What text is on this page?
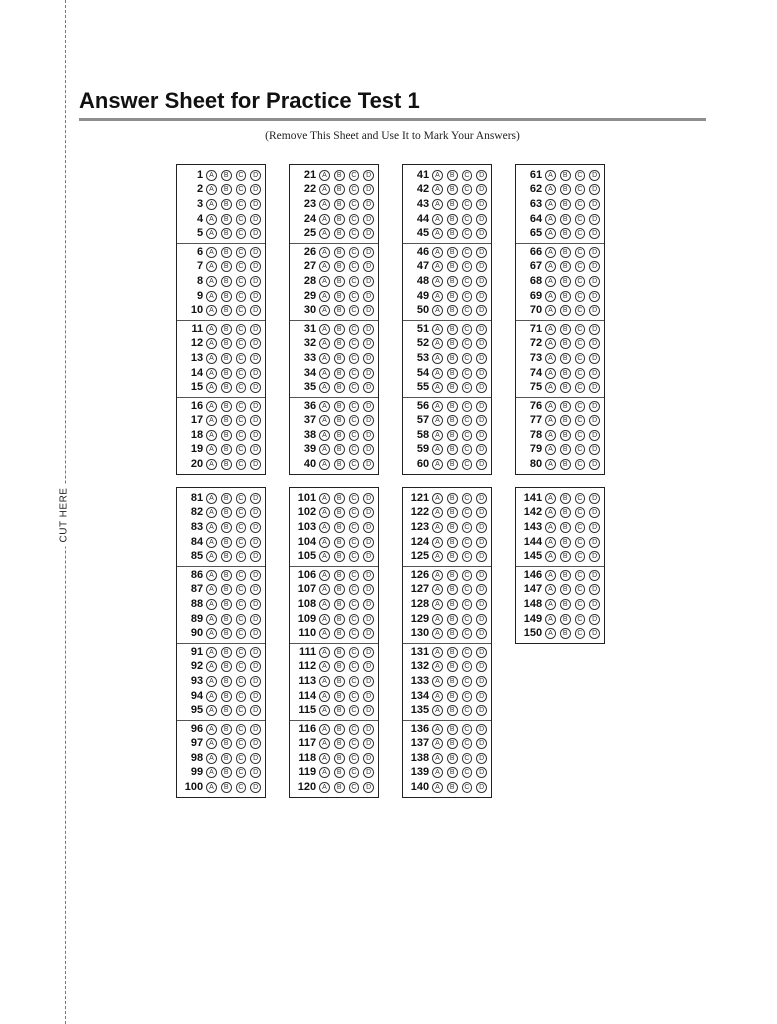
CUT HERE
Answer Sheet for Practice Test 1
(Remove This Sheet and Use It to Mark Your Answers)
1 A	B	C	D
2 A	B	C	D
3 A	B	C	D
4 A	B	C	D
5 A	B	C	D
6 A	B	C	D
7 A	B	C	D
8 A	B	C	D
9 A	B	C	D
10 A	B	C	D
11 A	B	C	D
12 A	B	C	D
13 A	B	C	D
14 A	B	C	D
15 A	B	C	D
16 A	B	C	D
17 A	B	C	D
18 A	B	C	D
19 A	B	C	D
20 A	B	C	D
21 A	B	C	D
22 A	B	C	D
23 A	B	C	D
24 A	B	C	D
25 A	B	C	D
26 A	B	C	D
27 A	B	C	D
28 A	B	C	D
29 A	B	C	D
30 A	B	C	D
31 A	B	C	D
32 A	B	C	D
33 A	B	C	D
34 A	B	C	D
35 A	B	C	D
36 A	B	C	D
37 A	B	C	D
38 A	B	C	D
39 A	B	C	D
40 A	B	C	D
41 A	B	C	D
42 A	B	C	D
43 A	B	C	D
44 A	B	C	D
45 A	B	C	D
46 A	B	C	D
47 A	B	C	D
48 A	B	C	D
49 A	B	C	D
50 A	B	C	D
51 A	B	C	D
52 A	B	C	D
53 A	B	C	D
54 A	B	C	D
55 A	B	C	D
56 A	B	C	D
57 A	B	C	D
58 A	B	C	D
59 A	B	C	D
60 A	B	C	D
61 A	B	C	D
62 A	B	C	D
63 A	B	C	D
64 A	B	C	D
65 A	B	C	D
66 A	B	C	D
67 A	B	C	D
68 A	B	C	D
69 A	B	C	D
70 A	B	C	D
71 A	B	C	D
72 A	B	C	D
73 A	B	C	D
74 A	B	C	D
75 A	B	C	D
76 A	B	C	D
77 A	B	C	D
78 A	B	C	D
79 A	B	C	D
80 A	B	C	D
81 A	B	C	D
82 A	B	C	D
83 A	B	C	D
84 A	B	C	D
85 A	B	C	D
86 A	B	C	D
87 A	B	C	D
88 A	B	C	D
89 A	B	C	D
90 A	B	C	D
91 A	B	C	D
92 A	B	C	D
93 A	B	C	D
94 A	B	C	D
95 A	B	C	D
96 A	B	C	D
97 A	B	C	D
98 A	B	C	D
99 A	B	C	D
100 A	B	C	D
101 A	B	C	D
102 A	B	C	D
103 A	B	C	D
104 A	B	C	D
105 A	B	C	D
106 A	B	C	D
107 A	B	C	D
108 A	B	C	D
109 A	B	C	D
110 A	B	C	D
111 A	B	C	D
112 A	B	C	D
113 A	B	C	D
114 A	B	C	D
115 A	B	C	D
116 A	B	C	D
117 A	B	C	D
118 A	B	C	D
119 A	B	C	D
120 A	B	C	D
121 A	B	C	D
122 A	B	C	D
123 A	B	C	D
124 A	B	C	D
125 A	B	C	D
126 A	B	C	D
127 A	B	C	D
128 A	B	C	D
129 A	B	C	D
130 A	B	C	D
131 A	B	C	D
132 A	B	C	D
133 A	B	C	D
134 A	B	C	D
135 A	B	C	D
136 A	B	C	D
137 A	B	C	D
138 A	B	C	D
139 A	B	C	D
140 A	B	C	D
141 A	B	C	D
142 A	B	C	D
143 A	B	C	D
144 A	B	C	D
145 A	B	C	D
146 A	B	C	D
147 A	B	C	D
148 A	B	C	D
149 A	B	C	D
150 A	B	C	D
